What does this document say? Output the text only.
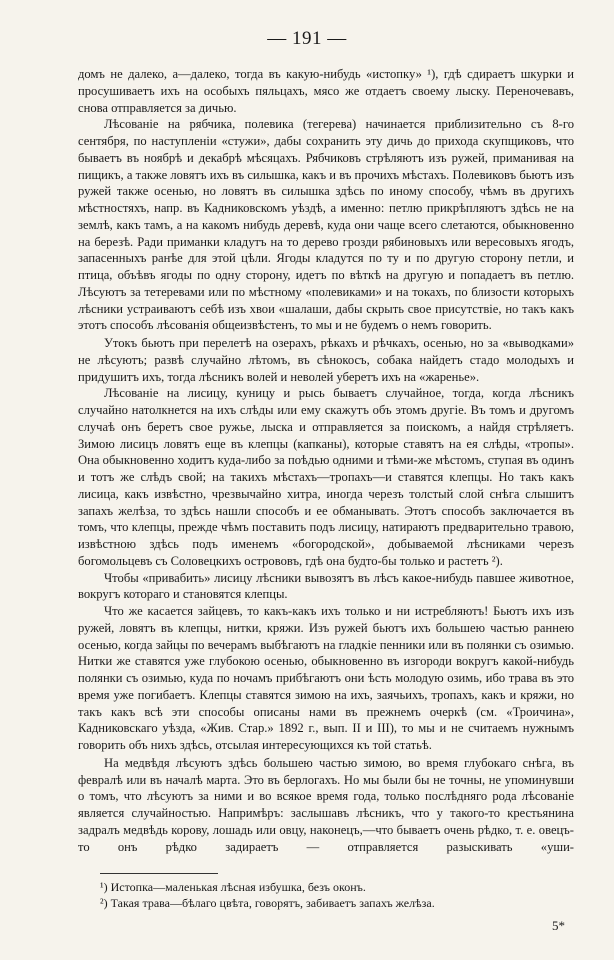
— 191 —

домъ не далеко, а—далеко, тогда въ какую-нибудь «истопку» ¹), гдѣ сдираетъ шкурки и просушиваетъ ихъ на особыхъ пяльцахъ, мясо же отдаетъ своему лыску. Переночевавъ, снова отправляется за дичью.

Лѣсованіе на рябчика, полевика (тегерева) начинается приблизительно съ 8-го сентября, по наступленіи «стужи», дабы сохранить эту дичь до прихода скупщиковъ, что бываетъ въ ноябрѣ и декабрѣ мѣсяцахъ. Рябчиковъ стрѣляютъ изъ ружей, приманивая на пищикъ, а также ловятъ ихъ въ силышка, какъ и въ прочихъ мѣстахъ. Полевиковъ бьютъ изъ ружей также осенью, но ловятъ въ силышка здѣсь по иному способу, чѣмъ въ другихъ мѣстностяхъ, напр. въ Кадниковскомъ уѣздѣ, а именно: петлю прикрѣпляютъ здѣсь не на землѣ, какъ тамъ, а на какомъ нибудь деревѣ, куда они чаще всего слетаются, обыкновенно на березѣ. Ради приманки кладутъ на то дерево грозди рябиновыхъ или вересовыхъ ягодъ, запасенныхъ ранѣе для этой цѣли. Ягоды кладутся по ту и по другую сторону петли, и птица, объѣвъ ягоды по одну сторону, идетъ по вѣткѣ на другую и попадаетъ въ петлю. Лѣсуютъ за тетеревами или по мѣстному «полевиками» и на токахъ, по близости которыхъ лѣсники устраиваютъ себѣ изъ хвои «шалаши, дабы скрыть свое присутствіе, но такъ какъ этотъ способъ лѣсованія общеизвѣстенъ, то мы и не будемъ о немъ говорить.

Утокъ бьютъ при перелетѣ на озерахъ, рѣкахъ и рѣчкахъ, осенью, но за «выводками» не лѣсуютъ; развѣ случайно лѣтомъ, въ сѣнокосъ, собака найдетъ стадо молодыхъ и придушитъ ихъ, тогда лѣсникъ волей и неволей уберетъ ихъ на «жаренье».

Лѣсованіе на лисицу, куницу и рысь бываетъ случайное, тогда, когда лѣсникъ случайно натолкнется на ихъ слѣды или ему скажутъ объ этомъ другіе. Въ томъ и другомъ случаѣ онъ беретъ свое ружье, лыска и отправляется за поискомъ, а найдя стрѣляетъ. Зимою лисицъ ловятъ еще въ клепцы (капканы), которые ставятъ на ея слѣды, «тропы». Она обыкновенно ходитъ куда-либо за поѣдью одними и тѣми-же мѣстомъ, ступая въ одинъ и тотъ же слѣдъ свой; на такихъ мѣстахъ—тропахъ—и ставятся клепцы. Но такъ какъ лисица, какъ извѣстно, чрезвычайно хитра, иногда черезъ толстый слой снѣга слышитъ запахъ желѣза, то здѣсь нашли способъ и ее обманывать. Этотъ способъ заключается въ томъ, что клепцы, прежде чѣмъ поставить подъ лисицу, натираютъ предварительно травою, извѣстною здѣсь подъ именемъ «богородской», добываемой лѣсниками черезъ богомольцевъ съ Соловецкихъ острововъ, гдѣ она будто-бы только и растетъ ²).

Чтобы «привабить» лисицу лѣсники вывозятъ въ лѣсъ какое-нибудь павшее животное, вокругъ котораго и становятся клепцы.

Что же касается зайцевъ, то какъ-какъ ихъ только и ни истребляютъ! Бьютъ ихъ изъ ружей, ловятъ въ клепцы, нитки, кряжи. Изъ ружей бьютъ ихъ большею частью раннею осенью, когда зайцы по вечерамъ выбѣгаютъ на гладкіе пенники или въ полянки съ озимью. Нитки же ставятся уже глубокою осенью, обыкновенно въ изгороди вокругъ какой-нибудь полянки съ озимью, куда по ночамъ прибѣгаютъ они ѣсть молодую озимь, ибо трава въ это время уже погибаетъ. Клепцы ставятся зимою на ихъ, заячьихъ, тропахъ, какъ и кряжи, но такъ какъ всѣ эти способы описаны нами въ прежнемъ очеркѣ (см. «Троичина», Кадниковскаго уѣзда, «Жив. Стар.» 1892 г., вып. II и III), то мы и не считаемъ нужнымъ говорить объ нихъ здѣсь, отсылая интересующихся къ той статьѣ.

На медвѣдя лѣсуютъ здѣсь большею частью зимою, во время глубокаго снѣга, въ февралѣ или въ началѣ марта. Это въ берлогахъ. Но мы были бы не точны, не упоминувши о томъ, что лѣсуютъ за ними и во всякое время года, только послѣдняго рода лѣсованіе является случайностью. Напримѣръ: заслышавъ лѣсникъ, что у такого-то крестьянина задралъ медвѣдь корову, лошадь или овцу, наконецъ,—что бываетъ очень рѣдко, т. е. овецъ-то онъ рѣдко задираетъ — отправляется разыскивать «уши-

¹) Истопка—маленькая лѣсная избушка, безъ оконъ.

²) Такая трава—бѣлаго цвѣта, говорятъ, забиваетъ запахъ желѣза.

5*
